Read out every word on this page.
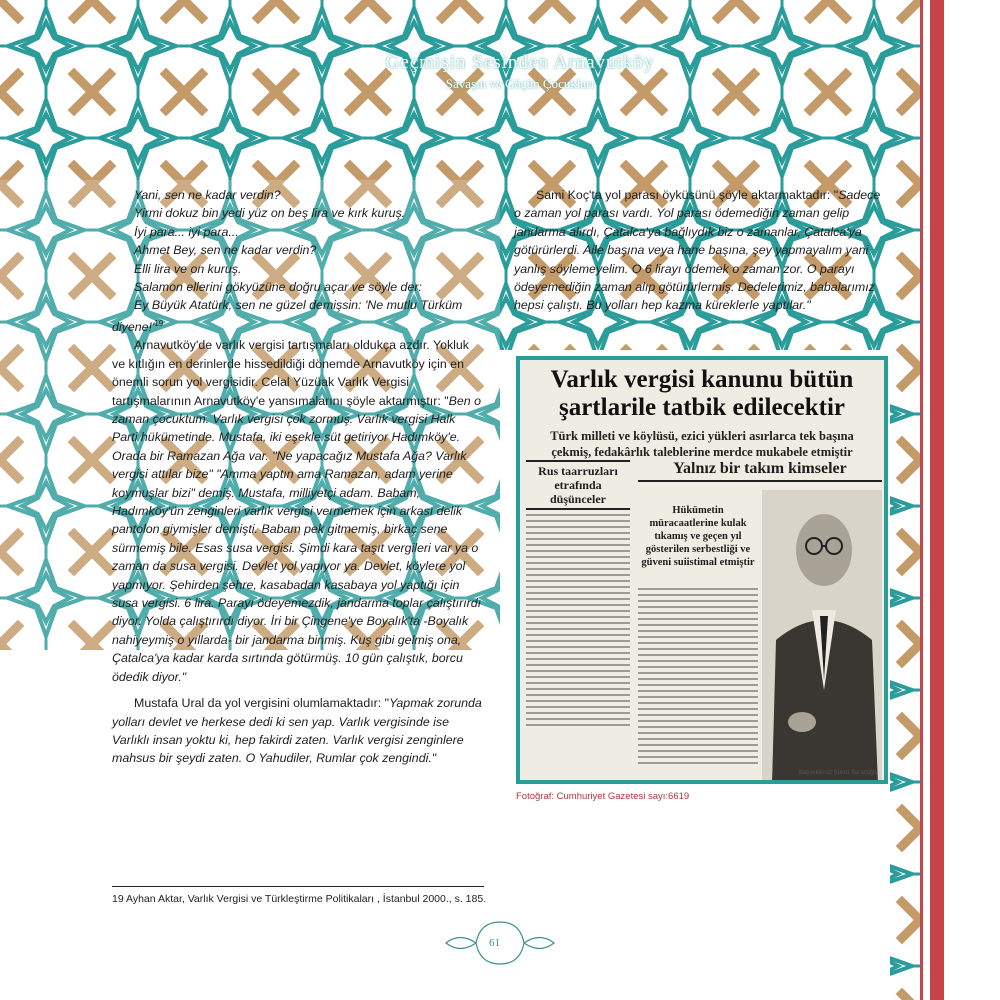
Geçmişin Sesinden Arnavutköy
Savaşın ve Göçün Çocukları

Yani, sen ne kadar verdin?

Yirmi dokuz bin yedi yüz on beş lira ve kırk kuruş.

İyi para... iyi para...

Ahmet Bey, sen ne kadar verdin?

Elli lira ve on kuruş.

Salamon ellerini gökyüzüne doğru açar ve söyle der:

Ey Büyük Atatürk, sen ne güzel demişsin: 'Ne mutlu Türküm $diyene!'^{19}$

Arnavutköy'de varlık vergisi tartışmaları oldukça azdır. Yokluk ve kıtlığın en derinlerde hissedildiği dönemde Arnavutköy için en önemli sorun yol vergisidir. Celal Yüzüak Varlık Vergisi tartışmalarının Arnavutköy'e yansımalarını şöyle aktarmıştır: "Ben o zaman çocuktum. Varlık vergisi çok zormuş. Varlık vergisi Halk Parti hükümetinde. Mustafa, iki eşekle süt getiriyor Hadımköy'e. Orada bir Ramazan Ağa var. "Ne yapacağız Mustafa Ağa? Varlık vergisi attılar bize" "Amma yaptın ama Ramazan, adam yerine koymuşlar bizi" demiş. Mustafa, milliyetçi adam. Babam, Hadımköy'ün zenginleri varlık vergisi vermemek için arkası delik pantolon giymişler demişti. Babam pek gitmemiş, birkaç sene sürmemiş bile. Esas susa vergisi. Şimdi kara taşıt vergileri var ya o zaman da susa vergisi. Devlet yol yapıyor ya. Devlet, köylere yol yapmıyor. Şehirden şehre, kasabadan kasabaya yol yaptığı için susa vergisi. 6 lira. Parayı ödeyemezdik, jandarma toplar çalıştırırdı diyor. Yolda çalıştırırdı diyor. İri bir Çingene'ye Boyalık'ta -Boyalık nahiyeymiş o yıllarda- bir jandarma binmiş. Kuş gibi gelmiş ona, Çatalca'ya kadar karda sırtında götürmüş. 10 gün çalıştık, borcu ödedik diyor."

Mustafa Ural da yol vergisini olumlamaktadır: "Yapmak zorunda yolları devlet ve herkese dedi ki sen yap. Varlık vergisinde ise Varlıklı insan yoktu ki, hep fakirdi zaten. Varlık vergisi zenginlere mahsus bir şeydi zaten. O Yahudiler, Rumlar çok zengindi."

Sami Koç'ta yol parası öyküsünü şöyle aktarmaktadır: "Sadece o zaman yol parası vardı. Yol parası ödemediğin zaman gelip jandarma alırdı, Çatalca'ya bağlıydık biz o zamanlar, Çatalca'ya götürürlerdi. Aile başına veya hane başına, şey yapmayalım yani yanlış söylemeyelim. O 6 lirayı ödemek o zaman zor. O parayı ödeyemediğin zaman alıp götürürlermiş. Dedelerimiz, babalarımız hepsi çalıştı. Bu yolları hep kazma küreklerle yaptılar."

Varlık vergisi kanunu bütün
şartlarile tatbik edilecektir
Türk milleti ve köylüsü, ezici yükleri asırlarca tek başına
çekmiş, fedakârlık taleblerine merdce mukabele etmiştir
Rus taarruzları
etrafında
düşünceler
Yalnız bir takım kimseler
Hükümetin müracaatlerine kulak tıkamış ve geçen yıl gösterilen serbestliği ve güveni suiistimal etmiştir
Başvekilimiz Şükrü Saracoğlu
Fotoğraf: Cumhuriyet Gazetesi sayı:6619
19 Ayhan Aktar, Varlık Vergisi ve Türkleştirme Politikaları , İstanbul 2000., s. 185.
61
